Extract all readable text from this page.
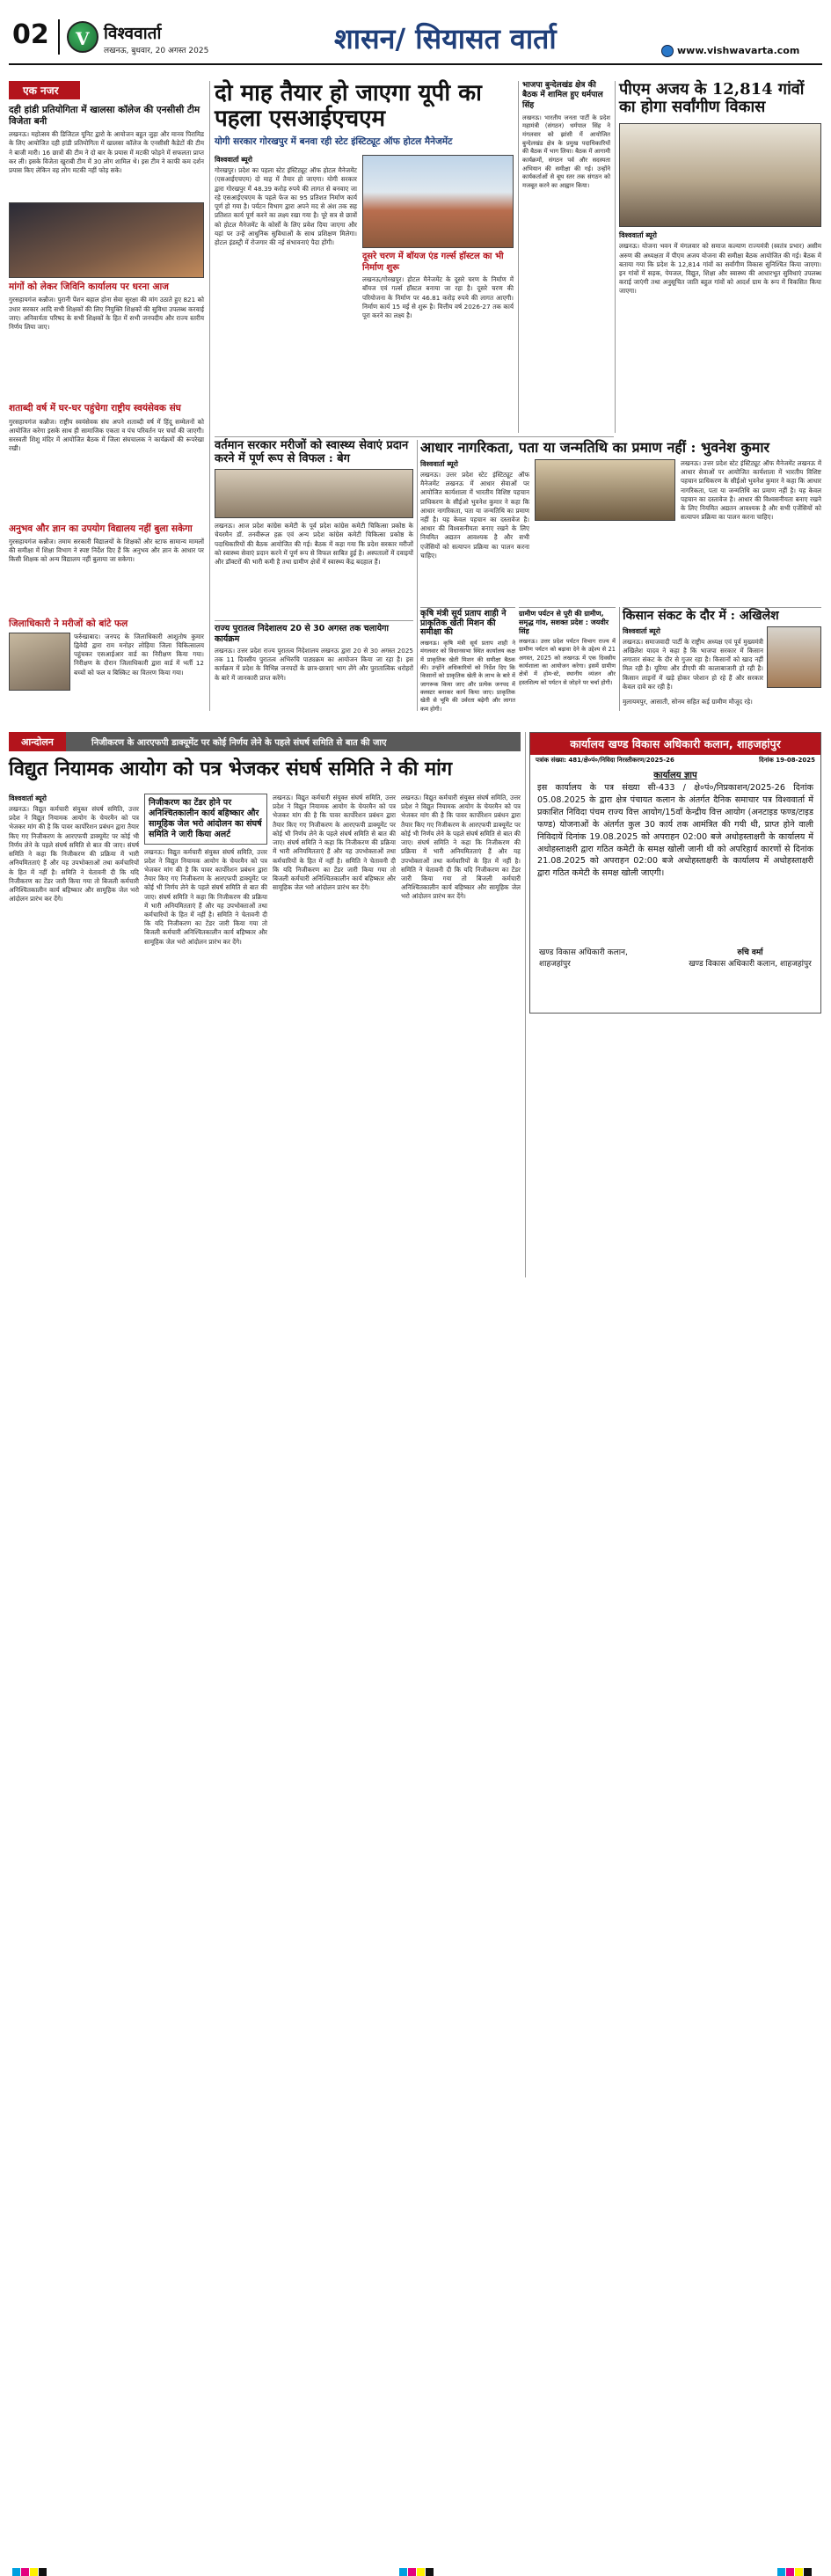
02 V विश्ववार्ता
लखनऊ, बुधवार, 20 अगस्त 2025	शासन/ सियासत वार्ता	www.vishwavarta.com
एक नजर
दही हांडी प्रतियोगिता में खालसा कॉलेज की एनसीसी टीम विजेता बनी
लखनऊ। महोत्सव की डिजिटल यूनिट द्वारो के आयोजन बहुत जुड़ा और मानव पिरामिड के लिए आयोजित दही हांडी प्रतियोगिता में खालसा कॉलेज के एनसीसी कैडेटों की टीम ने बाजी मारी। 16 छात्रों की टीम ने दो बार के प्रयास में मटकी फोड़ने में सफलता प्राप्त कर ली। इसके विजेता खुराबी टीम में 30 लोग शामिल थे। इस टीम ने काफी कम दर्शन प्रयास किए लेकिन वह लोग मटकी नहीं फोड़ सके।
मांगों को लेकर जिविनि कार्यालय पर धरना आज
गुरसहायगंज कन्नौज। पुरानी पेंशन बहाल होना सेवा सुरक्षा की मांग उठाते हुए 821 को उधार सरकार आदि सभी शिक्षकों की लिए नियुक्ति शिक्षकों की सुविधा उपलब्ध करवाई जाए। अनिवार्यता परिषद के सभी शिक्षकों के हित में सभी जनपदीय और राज्य स्तरीय निर्णय लिया जाए।
शताब्दी वर्ष में घर-घर पहुंचेगा राष्ट्रीय स्वयंसेवक संघ
गुरसहायगंज कन्नौज। राष्ट्रीय स्वयंसेवक संघ अपने शताब्दी वर्ष में हिंदू सम्मेलनों को आयोजित करेगा इसके साथ ही सामाजिक एकता व पंच परिवर्तन पर चर्चा की जाएगी। सरस्वती शिशु मंदिर में आयोजित बैठक में जिला संघचालक ने कार्यक्रमों की रूपरेखा रखी।
अनुभव और ज्ञान का उपयोग विद्यालय नहीं बुला सकेगा
गुरसहायगंज कन्नौज। तमाम सरकारी विद्यालयों के शिक्षकों और स्टाफ सामान्य मामलों की समीक्षा में शिक्षा विभाग ने स्पष्ट निर्देश दिए हैं कि अनुभव और ज्ञान के आधार पर किसी शिक्षक को अन्य विद्यालय नहीं बुलाया जा सकेगा।
जिलाधिकारी ने मरीजों को बांटे फल
फर्रुखाबाद। जनपद के जिलाधिकारी आशुतोष कुमार द्विवेदी द्वारा राम मनोहर लोहिया जिला चिकित्सालय पहुंचकर एसआईआर वार्ड का निरीक्षण किया गया। निरीक्षण के दौरान जिलाधिकारी द्वारा वार्ड में भर्ती 12 बच्चों को फल व बिस्किट का वितरण किया गया।
दो माह तैयार हो जाएगा यूपी का पहला एसआईएचएम
योगी सरकार गोरखपुर में बनवा रही स्टेट इंस्टिट्यूट ऑफ होटल मैनेजमेंट
विश्ववार्ता ब्यूरो
गोरखपुर। प्रदेश का पहला स्टेट इंस्टिट्यूट ऑफ होटल मैनेजमेंट (एसआईएचएम) दो माह में तैयार हो जाएगा। योगी सरकार द्वारा गोरखपुर में 48.39 करोड़ रुपये की लागत से बनवाए जा रहे एसआईएचएम के पहले फेज का 95 प्रतिशत निर्माण कार्य पूर्ण हो गया है। पर्यटन विभाग द्वारा अपने मद से अंश तक सह प्रतिशत कार्य पूर्ण करने का लक्ष्य रखा गया है। पूरे सत्र से छात्रों को होटल मैनेजमेंट के कोर्सों के लिए प्रवेश दिया जाएगा और यहां पर उन्हें आधुनिक सुविधाओं के साथ प्रशिक्षण मिलेगा। होटल इंडस्ट्री में रोजगार की नई संभावनाएं पैदा होंगी।
दूसरे चरण में बॉयज एंड गर्ल्स हॉस्टल का भी निर्माण शुरू
लखनऊ/गोरखपुर। होटल मैनेजमेंट के दूसरे चरण के निर्माण में बॉयज एवं गर्ल्स हॉस्टल बनाया जा रहा है। दूसरे चरण की परियोजना के निर्माण पर 46.81 करोड़ रुपये की लागत आएगी। निर्माण कार्य 15 मई से शुरू है। वित्तीय वर्ष 2026-27 तक कार्य पूरा करने का लक्ष्य है।
भाजपा बुन्देलखंड क्षेत्र की बैठक में शामिल हुए धर्मपाल सिंह
लखनऊ। भारतीय जनता पार्टी के प्रदेश महामंत्री (संगठन) धर्मपाल सिंह ने मंगलवार को झांसी में आयोजित बुन्देलखंड क्षेत्र के प्रमुख पदाधिकारियों की बैठक में भाग लिया। बैठक में आगामी कार्यक्रमों, संगठन पर्व और सदस्यता अभियान की समीक्षा की गई। उन्होंने कार्यकर्ताओं से बूथ स्तर तक संगठन को मजबूत करने का आह्वान किया।
पीएम अजय के 12,814 गांवों का होगा सर्वांगीण विकास
विश्ववार्ता ब्यूरो
लखनऊ। योजना भवन में मंगलवार को समाज कल्याण राज्यमंत्री (स्वतंत्र प्रभार) असीम अरुण की अध्यक्षता में पीएम अजय योजना की समीक्षा बैठक आयोजित की गई। बैठक में बताया गया कि प्रदेश के 12,814 गांवों का सर्वांगीण विकास सुनिश्चित किया जाएगा। इन गांवों में सड़क, पेयजल, विद्युत, शिक्षा और स्वास्थ्य की आधारभूत सुविधाएं उपलब्ध कराई जाएंगी तथा अनुसूचित जाति बहुल गांवों को आदर्श ग्राम के रूप में विकसित किया जाएगा।
वर्तमान सरकार मरीजों को स्वास्थ्य सेवाएं प्रदान करने में पूर्ण रूप से विफल : बेग
लखनऊ। आज प्रदेश कांग्रेस कमेटी के पूर्व प्रदेश कांग्रेस कमेटी चिकित्सा प्रकोष्ठ के चेयरमैन डॉ. तनवीरूल हक़ एवं अन्य प्रदेश कांग्रेस कमेटी चिकित्सा प्रकोष्ठ के पदाधिकारियों की बैठक आयोजित की गई। बैठक में कहा गया कि प्रदेश सरकार मरीजों को स्वास्थ्य सेवाएं प्रदान करने में पूर्ण रूप से विफल साबित हुई है। अस्पतालों में दवाइयों और डॉक्टरों की भारी कमी है तथा ग्रामीण क्षेत्रों में स्वास्थ्य केंद्र बदहाल हैं।
राज्य पुरातत्व निदेशालय 20 से 30 अगस्त तक चलायेगा कार्यक्रम
लखनऊ। उत्तर प्रदेश राज्य पुरातत्व निदेशालय लखनऊ द्वारा 20 से 30 अगस्त 2025 तक 11 दिवसीय पुरातत्व अभिरुचि पाठ्यक्रम का आयोजन किया जा रहा है। इस कार्यक्रम में प्रदेश के विभिन्न जनपदों के छात्र-छात्राएं भाग लेंगे और पुरातात्विक धरोहरों के बारे में जानकारी प्राप्त करेंगे।
आधार नागरिकता, पता या जन्मतिथि का प्रमाण नहीं : भुवनेश कुमार
विश्ववार्ता ब्यूरो
लखनऊ। उत्तर प्रदेश स्टेट इंस्टिट्यूट ऑफ मैनेजमेंट लखनऊ में आधार सेवाओं पर आयोजित कार्यशाला में भारतीय विशिष्ट पहचान प्राधिकरण के सीईओ भुवनेश कुमार ने कहा कि आधार नागरिकता, पता या जन्मतिथि का प्रमाण नहीं है। यह केवल पहचान का दस्तावेज है। आधार की विश्वसनीयता बनाए रखने के लिए नियमित अद्यतन आवश्यक है और सभी एजेंसियों को सत्यापन प्रक्रिया का पालन करना चाहिए।
लखनऊ। उत्तर प्रदेश स्टेट इंस्टिट्यूट ऑफ मैनेजमेंट लखनऊ में आधार सेवाओं पर आयोजित कार्यशाला में भारतीय विशिष्ट पहचान प्राधिकरण के सीईओ भुवनेश कुमार ने कहा कि आधार नागरिकता, पता या जन्मतिथि का प्रमाण नहीं है। यह केवल पहचान का दस्तावेज है। आधार की विश्वसनीयता बनाए रखने के लिए नियमित अद्यतन आवश्यक है और सभी एजेंसियों को सत्यापन प्रक्रिया का पालन करना चाहिए।
ग्रामीण पर्यटन से पूरी की ग्रामीण, समृद्ध गांव, सशक्त प्रदेश : जयवीर सिंह
लखनऊ। उत्तर प्रदेश पर्यटन विभाग राज्य में ग्रामीण पर्यटन को बढ़ावा देने के उद्देश्य से 21 अगस्त, 2025 को लखनऊ में एक दिवसीय कार्यशाला का आयोजन करेगा। इसमें ग्रामीण क्षेत्रों में होम-स्टे, स्थानीय व्यंजन और हस्तशिल्प को पर्यटन से जोड़ने पर चर्चा होगी।
कृषि मंत्री सूर्य प्रताप शाही ने प्राकृतिक खेती मिशन की समीक्षा की
लखनऊ। कृषि मंत्री सूर्य प्रताप शाही ने मंगलवार को विधानसभा स्थित कार्यालय कक्ष में प्राकृतिक खेती मिशन की समीक्षा बैठक की। उन्होंने अधिकारियों को निर्देश दिए कि किसानों को प्राकृतिक खेती के लाभ के बारे में जागरूक किया जाए और प्रत्येक जनपद में क्लस्टर बनाकर कार्य किया जाए। प्राकृतिक खेती से भूमि की उर्वरता बढ़ेगी और लागत कम होगी।
किसान संकट के दौर में : अखिलेश
विश्ववार्ता ब्यूरो
लखनऊ। समाजवादी पार्टी के राष्ट्रीय अध्यक्ष एवं पूर्व मुख्यमंत्री अखिलेश यादव ने कहा है कि भाजपा सरकार में किसान लगातार संकट के दौर से गुजर रहा है। किसानों को खाद नहीं मिल रही है। यूरिया और डीएपी की कालाबाजारी हो रही है। किसान लाइनों में खड़े होकर परेशान हो रहे हैं और सरकार केवल दावे कर रही है।
मुलायमपुर, आसाती, सोनम सहित कई ग्रामीण मौजूद रहे।
आन्दोलन	निजीकरण के आरएफपी डाक्यूमेंट पर कोई निर्णय लेने के पहले संघर्ष समिति से बात की जाए
विद्युत नियामक आयोग को पत्र भेजकर संघर्ष समिति ने की मांग
विश्ववार्ता ब्यूरो
लखनऊ। विद्युत कर्मचारी संयुक्त संघर्ष समिति, उत्तर प्रदेश ने विद्युत नियामक आयोग के चेयरमैन को पत्र भेजकर मांग की है कि पावर कार्पोरेशन प्रबंधन द्वारा तैयार किए गए निजीकरण के आरएफपी डाक्यूमेंट पर कोई भी निर्णय लेने के पहले संघर्ष समिति से बात की जाए। संघर्ष समिति ने कहा कि निजीकरण की प्रक्रिया में भारी अनियमितताएं हैं और यह उपभोक्ताओं तथा कर्मचारियों के हित में नहीं है। समिति ने चेतावनी दी कि यदि निजीकरण का टेंडर जारी किया गया तो बिजली कर्मचारी अनिश्चितकालीन कार्य बहिष्कार और सामूहिक जेल भरो आंदोलन प्रारंभ कर देंगे।
निजीकरण का टेंडर होने पर अनिश्चितकालीन कार्य बहिष्कार और सामूहिक जेल भरो आंदोलन का संघर्ष समिति ने जारी किया अलर्ट
लखनऊ। विद्युत कर्मचारी संयुक्त संघर्ष समिति, उत्तर प्रदेश ने विद्युत नियामक आयोग के चेयरमैन को पत्र भेजकर मांग की है कि पावर कार्पोरेशन प्रबंधन द्वारा तैयार किए गए निजीकरण के आरएफपी डाक्यूमेंट पर कोई भी निर्णय लेने के पहले संघर्ष समिति से बात की जाए। संघर्ष समिति ने कहा कि निजीकरण की प्रक्रिया में भारी अनियमितताएं हैं और यह उपभोक्ताओं तथा कर्मचारियों के हित में नहीं है। समिति ने चेतावनी दी कि यदि निजीकरण का टेंडर जारी किया गया तो बिजली कर्मचारी अनिश्चितकालीन कार्य बहिष्कार और सामूहिक जेल भरो आंदोलन प्रारंभ कर देंगे।
लखनऊ। विद्युत कर्मचारी संयुक्त संघर्ष समिति, उत्तर प्रदेश ने विद्युत नियामक आयोग के चेयरमैन को पत्र भेजकर मांग की है कि पावर कार्पोरेशन प्रबंधन द्वारा तैयार किए गए निजीकरण के आरएफपी डाक्यूमेंट पर कोई भी निर्णय लेने के पहले संघर्ष समिति से बात की जाए। संघर्ष समिति ने कहा कि निजीकरण की प्रक्रिया में भारी अनियमितताएं हैं और यह उपभोक्ताओं तथा कर्मचारियों के हित में नहीं है। समिति ने चेतावनी दी कि यदि निजीकरण का टेंडर जारी किया गया तो बिजली कर्मचारी अनिश्चितकालीन कार्य बहिष्कार और सामूहिक जेल भरो आंदोलन प्रारंभ कर देंगे।
लखनऊ। विद्युत कर्मचारी संयुक्त संघर्ष समिति, उत्तर प्रदेश ने विद्युत नियामक आयोग के चेयरमैन को पत्र भेजकर मांग की है कि पावर कार्पोरेशन प्रबंधन द्वारा तैयार किए गए निजीकरण के आरएफपी डाक्यूमेंट पर कोई भी निर्णय लेने के पहले संघर्ष समिति से बात की जाए। संघर्ष समिति ने कहा कि निजीकरण की प्रक्रिया में भारी अनियमितताएं हैं और यह उपभोक्ताओं तथा कर्मचारियों के हित में नहीं है। समिति ने चेतावनी दी कि यदि निजीकरण का टेंडर जारी किया गया तो बिजली कर्मचारी अनिश्चितकालीन कार्य बहिष्कार और सामूहिक जेल भरो आंदोलन प्रारंभ कर देंगे।
कार्यालय खण्ड विकास अधिकारी कलान, शाहजहांपुर
पत्रांक संख्या: 481/क्षे०पं०/निविदा निरस्तीकरण/2025-26	दिनांक 19-08-2025
कार्यालय ज्ञाप
इस कार्यालय के पत्र संख्या सी-433 / क्षे०पं०/निप्रकाशन/2025-26 दिनांक 05.08.2025 के द्वारा क्षेत्र पंचायत कलान के अंतर्गत दैनिक समाचार पत्र विश्ववार्ता में प्रकाशित निविदा पंचम राज्य वित्त आयोग/15वाँ केन्द्रीय वित्त आयोग (अनटाइड फण्ड/टाइड फण्ड) योजनाओं के अंतर्गत कुल 30 कार्य तक आमंत्रित की गयी थी, प्राप्त होने वाली निविदायें दिनांक 19.08.2025 को अपराहन 02:00 बजे अधोहस्ताक्षरी के कार्यालय में अधोहस्ताक्षरी द्वारा गठित कमेटी के समक्ष खोली जानी थी को अपरिहार्य कारणों से दिनांक 21.08.2025 को अपराहन 02:00 बजे अधोहस्ताक्षरी के कार्यालय में अधोहस्ताक्षरी द्वारा गठित कमेटी के समक्ष खोली जाएगी।
खण्ड विकास अधिकारी कलान, शाहजहांपुर
रुचि वर्मा
खण्ड विकास अधिकारी कलान, शाहजहांपुर
